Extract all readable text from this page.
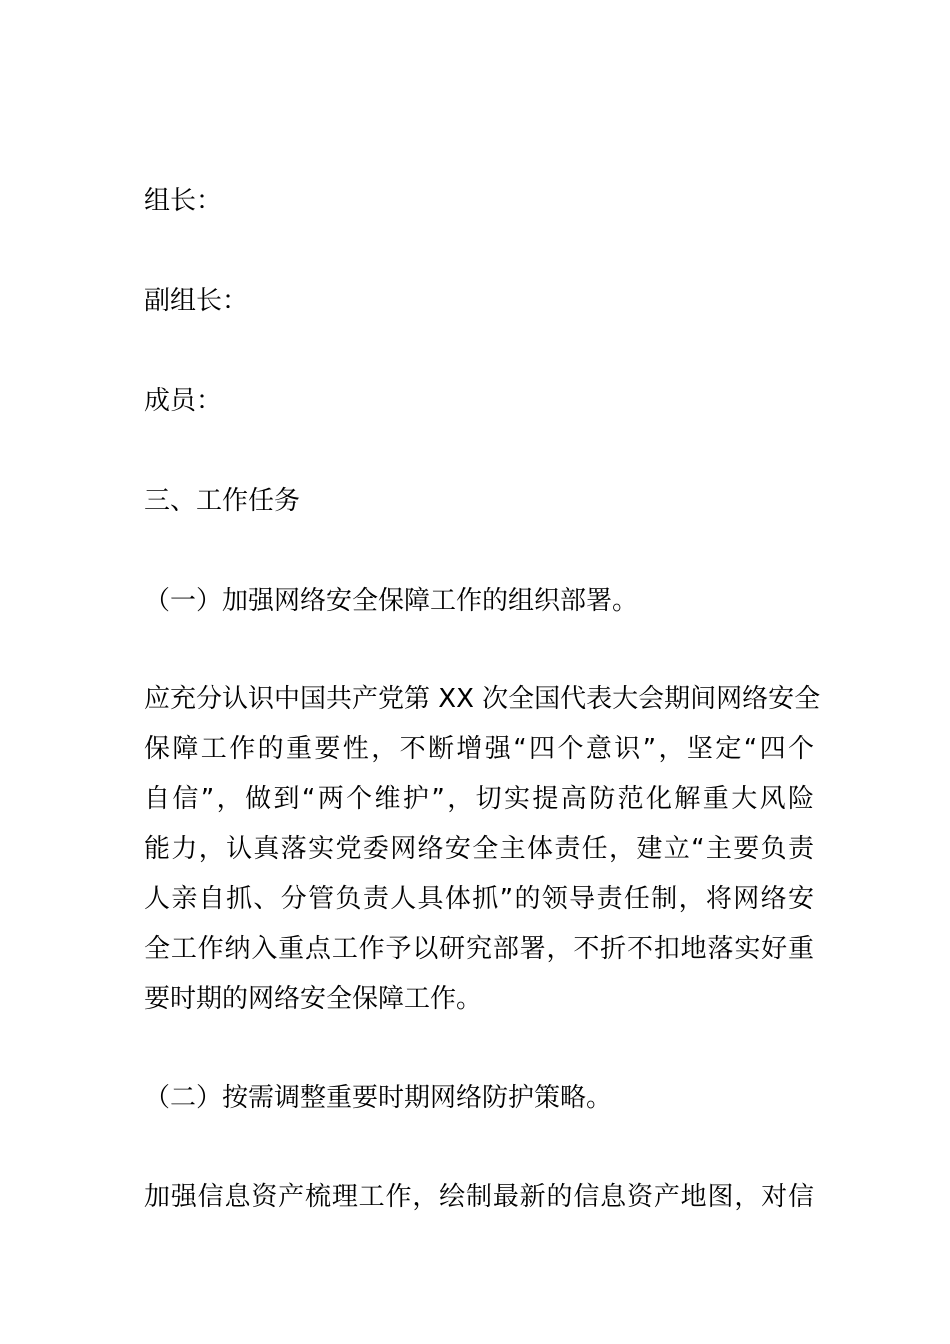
组长：
副组长：
成员：
三、工作任务
（一）加强网络安全保障工作的组织部署。
应充分认识中国共产党第 XX 次全国代表大会期间网络安全
保障工作的重要性，不断增强“四个意识”，坚定“四个
自信”，做到“两个维护”，切实提高防范化解重大风险
能力，认真落实党委网络安全主体责任，建立“主要负责
人亲自抓、分管负责人具体抓”的领导责任制，将网络安
全工作纳入重点工作予以研究部署，不折不扣地落实好重
要时期的网络安全保障工作。
（二）按需调整重要时期网络防护策略。
加强信息资产梳理工作，绘制最新的信息资产地图，对信
